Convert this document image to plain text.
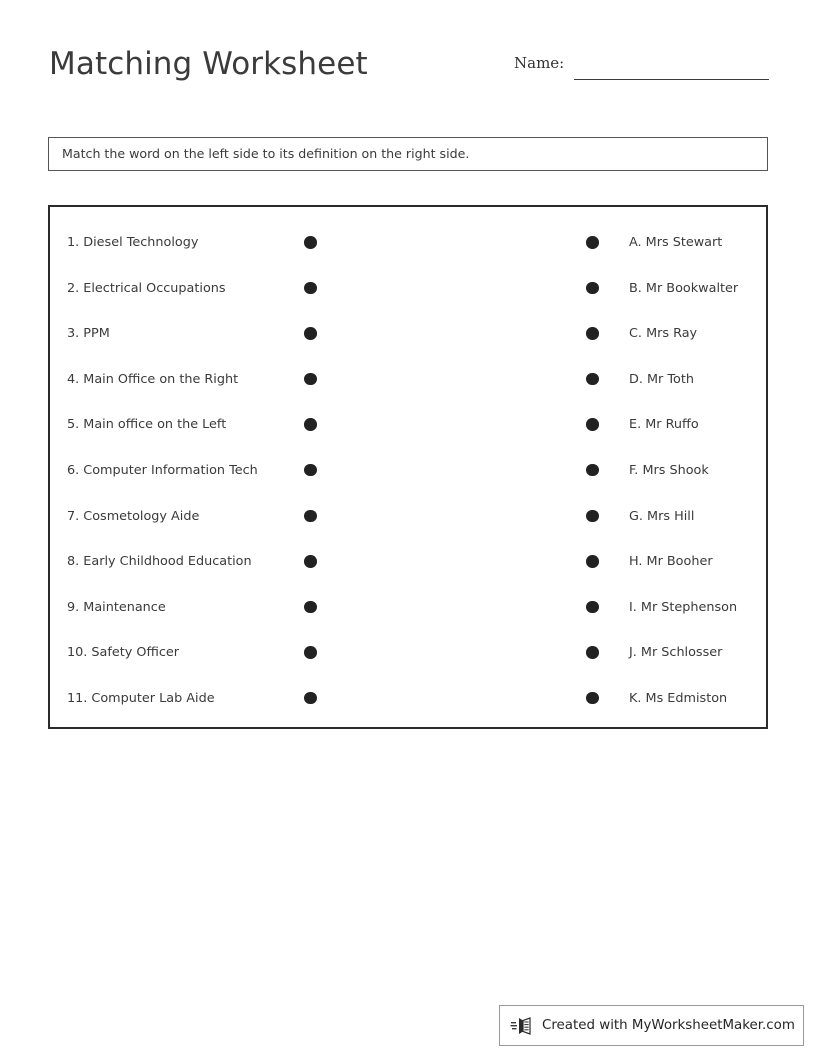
Matching Worksheet	Name:
Match the word on the left side to its definition on the right side.
1. Diesel Technology	A. Mrs Stewart
2. Electrical Occupations	B. Mr Bookwalter
3. PPM	C. Mrs Ray
4. Main Office on the Right	D. Mr Toth
5. Main office on the Left	E. Mr Ruffo
6. Computer Information Tech	F. Mrs Shook
7. Cosmetology Aide	G. Mrs Hill
8. Early Childhood Education	H. Mr Booher
9. Maintenance	I. Mr Stephenson
10. Safety Officer	J. Mr Schlosser
11. Computer Lab Aide	K. Ms Edmiston
Created with MyWorksheetMaker.com
